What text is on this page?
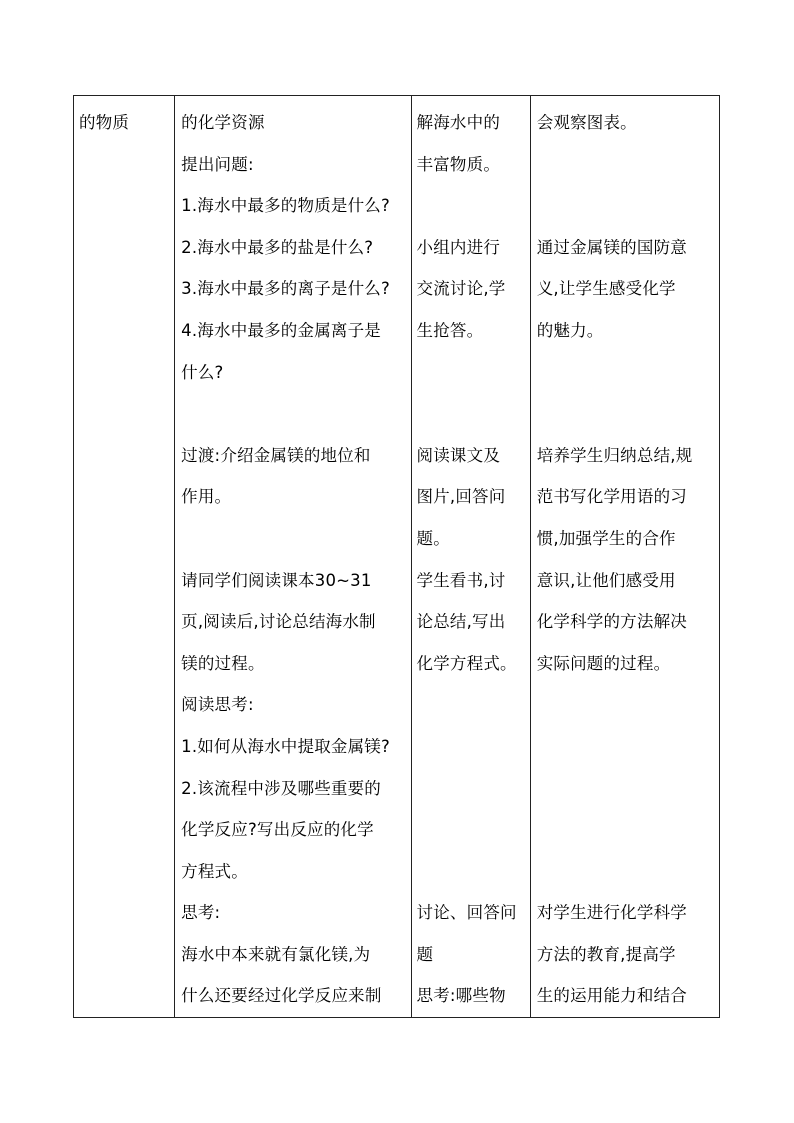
的物质	的化学资源
提出问题:
1.海水中最多的物质是什么?
2.海水中最多的盐是什么?
3.海水中最多的离子是什么?
4.海水中最多的金属离子是
什么?
过渡:介绍金属镁的地位和
作用。
请同学们阅读课本30~31
页,阅读后,讨论总结海水制
镁的过程。
阅读思考:
1.如何从海水中提取金属镁?
2.该流程中涉及哪些重要的
化学反应?写出反应的化学
方程式。
思考:
海水中本来就有氯化镁,为
什么还要经过化学反应来制

解海水中的
丰富物质。
小组内进行
交流讨论,学
生抢答。
阅读课文及
图片,回答问
题。
学生看书,讨
论总结,写出
化学方程式。
讨论、回答问
题
思考:哪些物

会观察图表。
通过金属镁的国防意
义,让学生感受化学
的魅力。
培养学生归纳总结,规
范书写化学用语的习
惯,加强学生的合作
意识,让他们感受用
化学科学的方法解决
实际问题的过程。
对学生进行化学科学
方法的教育,提高学
生的运用能力和结合
